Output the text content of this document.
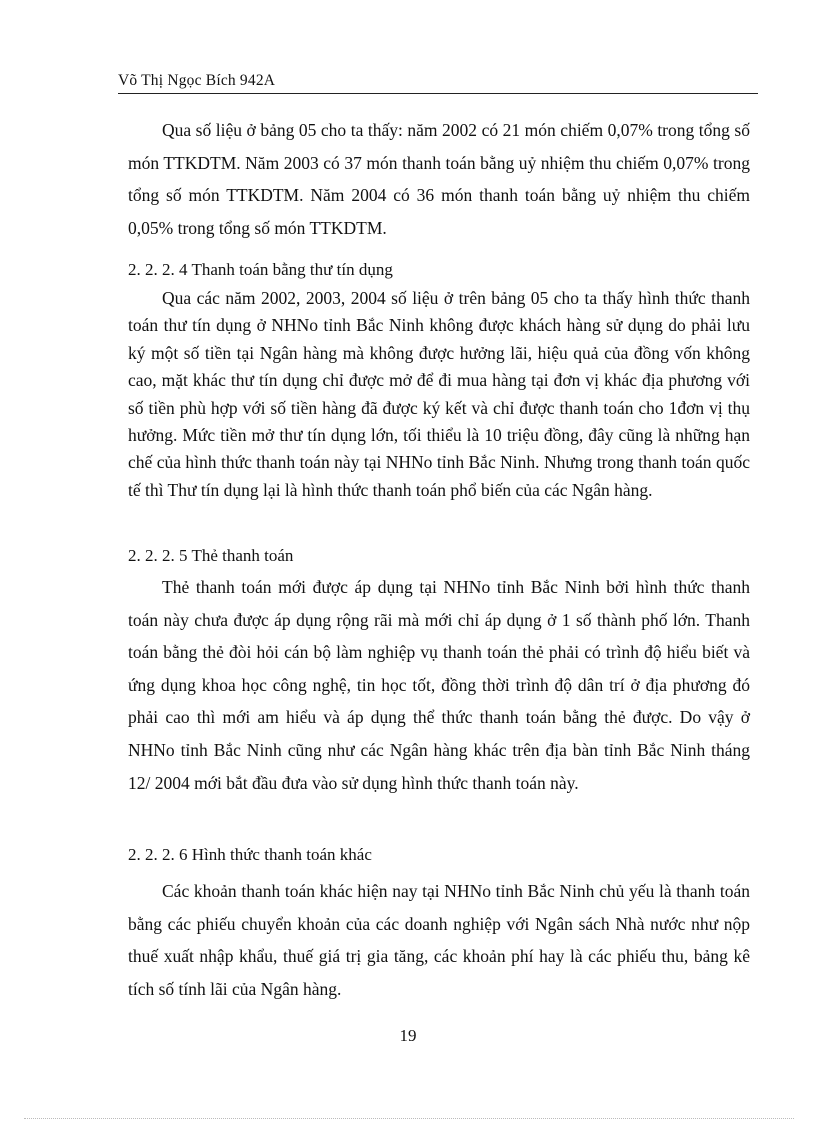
Võ Thị Ngọc Bích 942A

Qua số liệu ở bảng 05 cho ta thấy: năm 2002 có 21 món chiếm 0,07% trong tổng số món TTKDTM. Năm 2003 có 37 món thanh toán bằng uỷ nhiệm thu chiếm 0,07% trong tổng số món TTKDTM. Năm 2004 có 36 món thanh toán bằng uỷ nhiệm thu chiếm 0,05% trong tổng số món TTKDTM.

2. 2. 2. 4 Thanh toán bằng thư tín dụng

Qua các năm 2002, 2003, 2004 số liệu ở trên bảng 05 cho ta thấy hình thức thanh toán thư tín dụng ở NHNo tỉnh Bắc Ninh không được khách hàng sử dụng do phải lưu ký một số tiền tại Ngân hàng mà không được hưởng lãi, hiệu quả của đồng vốn không cao, mặt khác thư tín dụng chỉ được mở để đi mua hàng tại đơn vị khác địa phương với số tiền phù hợp với số tiền hàng đã được ký kết và chỉ được thanh toán cho 1đơn vị thụ hưởng. Mức tiền mở thư tín dụng lớn, tối thiểu là 10 triệu đồng, đây cũng là những hạn chế của hình thức thanh toán này tại NHNo tỉnh Bắc Ninh. Nhưng trong thanh toán quốc tế thì Thư tín dụng lại là hình thức thanh toán phổ biến của các Ngân hàng.

2. 2. 2. 5 Thẻ thanh toán

Thẻ thanh toán mới được áp dụng tại NHNo tỉnh Bắc Ninh bởi hình thức thanh toán này chưa được áp dụng rộng rãi mà mới chỉ áp dụng ở 1 số thành phố lớn. Thanh toán bằng thẻ đòi hỏi cán bộ làm nghiệp vụ thanh toán thẻ phải có trình độ hiểu biết và ứng dụng khoa học công nghệ, tin học tốt, đồng thời trình độ dân trí ở địa phương đó phải cao thì mới am hiểu và áp dụng thể thức thanh toán bằng thẻ được. Do vậy ở NHNo tỉnh Bắc Ninh cũng như các Ngân hàng khác trên địa bàn tỉnh Bắc Ninh tháng 12/ 2004 mới bắt đầu đưa vào sử dụng hình thức thanh toán này.

2. 2. 2. 6 Hình thức thanh toán khác

Các khoản thanh toán khác hiện nay tại NHNo tỉnh Bắc Ninh chủ yếu là thanh toán bằng các phiếu chuyển khoản của các doanh nghiệp với Ngân sách Nhà nước như nộp thuế xuất nhập khẩu, thuế giá trị gia tăng, các khoản phí hay là các phiếu thu, bảng kê tích số tính lãi của Ngân hàng.

19
